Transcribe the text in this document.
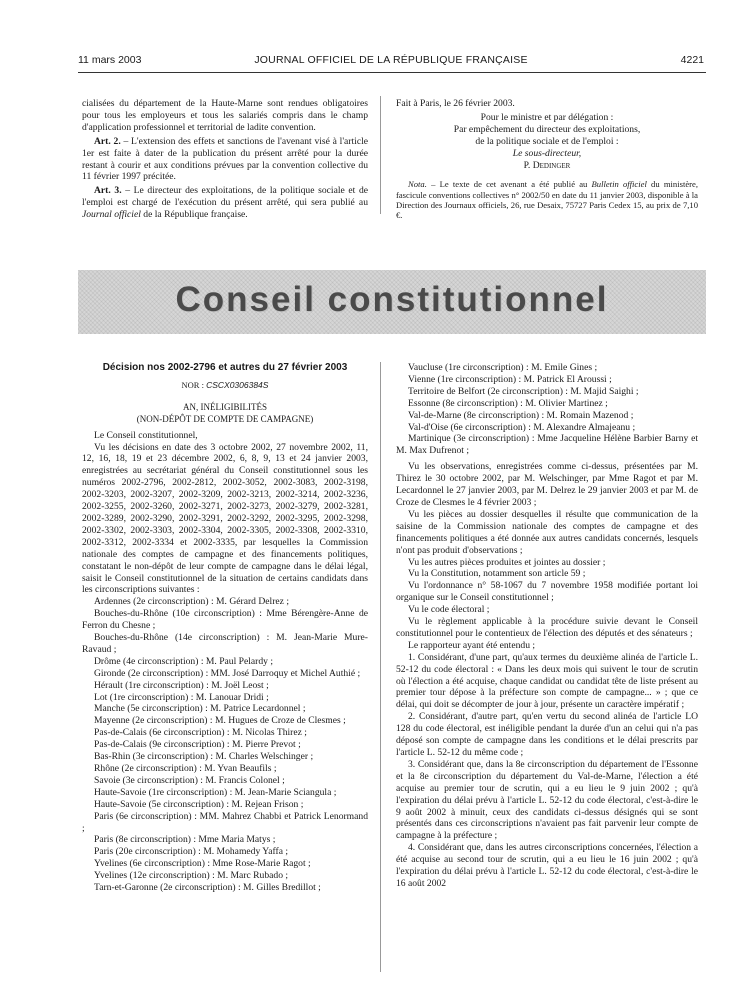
11 mars 2003	JOURNAL OFFICIEL DE LA RÉPUBLIQUE FRANÇAISE	4221

cialisées du département de la Haute-Marne sont rendues obligatoires pour tous les employeurs et tous les salariés compris dans le champ d'application professionnel et territorial de ladite convention.

Art. 2. – L'extension des effets et sanctions de l'avenant visé à l'article 1er est faite à dater de la publication du présent arrêté pour la durée restant à courir et aux conditions prévues par la convention collective du 11 février 1997 précitée.

Art. 3. – Le directeur des exploitations, de la politique sociale et de l'emploi est chargé de l'exécution du présent arrêté, qui sera publié au Journal officiel de la République française.

Fait à Paris, le 26 février 2003.

Pour le ministre et par délégation :

Par empêchement du directeur des exploitations,

de la politique sociale et de l'emploi :

Le sous-directeur,

P. Dedinger

Nota. – Le texte de cet avenant a été publié au Bulletin officiel du ministère, fascicule conventions collectives n° 2002/50 en date du 11 janvier 2003, disponible à la Direction des Journaux officiels, 26, rue Desaix, 75727 Paris Cedex 15, au prix de 7,10 €.

Conseil constitutionnel

Décision nos 2002-2796 et autres du 27 février 2003

NOR : CSCX0306384S

AN, INÉLIGIBILITÉS

(NON-DÉPÔT DE COMPTE DE CAMPAGNE)

Le Conseil constitutionnel,

Vu les décisions en date des 3 octobre 2002, 27 novembre 2002, 11, 12, 16, 18, 19 et 23 décembre 2002, 6, 8, 9, 13 et 24 janvier 2003, enregistrées au secrétariat général du Conseil constitutionnel sous les numéros 2002-2796, 2002-2812, 2002-3052, 2002-3083, 2002-3198, 2002-3203, 2002-3207, 2002-3209, 2002-3213, 2002-3214, 2002-3236, 2002-3255, 2002-3260, 2002-3271, 2002-3273, 2002-3279, 2002-3281, 2002-3289, 2002-3290, 2002-3291, 2002-3292, 2002-3295, 2002-3298, 2002-3302, 2002-3303, 2002-3304, 2002-3305, 2002-3308, 2002-3310, 2002-3312, 2002-3334 et 2002-3335, par lesquelles la Commission nationale des comptes de campagne et des financements politiques, constatant le non-dépôt de leur compte de campagne dans le délai légal, saisit le Conseil constitutionnel de la situation de certains candidats dans les circonscriptions suivantes :

Ardennes (2e circonscription) : M. Gérard Delrez ;

Bouches-du-Rhône (10e circonscription) : Mme Bérengère-Anne de Ferron du Chesne ;

Bouches-du-Rhône (14e circonscription) : M. Jean-Marie Mure-Ravaud ;

Drôme (4e circonscription) : M. Paul Pelardy ;

Gironde (2e circonscription) : MM. José Darroquy et Michel Authié ;

Hérault (1re circonscription) : M. Joël Leost ;

Lot (1re circonscription) : M. Lanouar Dridi ;

Manche (5e circonscription) : M. Patrice Lecardonnel ;

Mayenne (2e circonscription) : M. Hugues de Croze de Clesmes ;

Pas-de-Calais (6e circonscription) : M. Nicolas Thirez ;

Pas-de-Calais (9e circonscription) : M. Pierre Prevot ;

Bas-Rhin (3e circonscription) : M. Charles Welschinger ;

Rhône (2e circonscription) : M. Yvan Beaufils ;

Savoie (3e circonscription) : M. Francis Colonel ;

Haute-Savoie (1re circonscription) : M. Jean-Marie Sciangula ;

Haute-Savoie (5e circonscription) : M. Rejean Frison ;

Paris (6e circonscription) : MM. Mahrez Chabbi et Patrick Lenormand ;

Paris (8e circonscription) : Mme Maria Matys ;

Paris (20e circonscription) : M. Mohamedy Yaffa ;

Yvelines (6e circonscription) : Mme Rose-Marie Ragot ;

Yvelines (12e circonscription) : M. Marc Rubado ;

Tarn-et-Garonne (2e circonscription) : M. Gilles Bredillot ;

Vaucluse (1re circonscription) : M. Emile Gines ;

Vienne (1re circonscription) : M. Patrick El Aroussi ;

Territoire de Belfort (2e circonscription) : M. Majid Saighi ;

Essonne (8e circonscription) : M. Olivier Martinez ;

Val-de-Marne (8e circonscription) : M. Romain Mazenod ;

Val-d'Oise (6e circonscription) : M. Alexandre Almajeanu ;

Martinique (3e circonscription) : Mme Jacqueline Hélène Barbier Barny et M. Max Dufrenot ;

Vu les observations, enregistrées comme ci-dessus, présentées par M. Thirez le 30 octobre 2002, par M. Welschinger, par Mme Ragot et par M. Lecardonnel le 27 janvier 2003, par M. Delrez le 29 janvier 2003 et par M. de Croze de Clesmes le 4 février 2003 ;

Vu les pièces au dossier desquelles il résulte que communication de la saisine de la Commission nationale des comptes de campagne et des financements politiques a été donnée aux autres candidats concernés, lesquels n'ont pas produit d'observations ;

Vu les autres pièces produites et jointes au dossier ;

Vu la Constitution, notamment son article 59 ;

Vu l'ordonnance n° 58-1067 du 7 novembre 1958 modifiée portant loi organique sur le Conseil constitutionnel ;

Vu le code électoral ;

Vu le règlement applicable à la procédure suivie devant le Conseil constitutionnel pour le contentieux de l'élection des députés et des sénateurs ;

Le rapporteur ayant été entendu ;

1. Considérant, d'une part, qu'aux termes du deuxième alinéa de l'article L. 52-12 du code électoral : « Dans les deux mois qui suivent le tour de scrutin où l'élection a été acquise, chaque candidat ou candidat tête de liste présent au premier tour dépose à la préfecture son compte de campagne... » ; que ce délai, qui doit se décompter de jour à jour, présente un caractère impératif ;

2. Considérant, d'autre part, qu'en vertu du second alinéa de l'article LO 128 du code électoral, est inéligible pendant la durée d'un an celui qui n'a pas déposé son compte de campagne dans les conditions et le délai prescrits par l'article L. 52-12 du même code ;

3. Considérant que, dans la 8e circonscription du département de l'Essonne et la 8e circonscription du département du Val-de-Marne, l'élection a été acquise au premier tour de scrutin, qui a eu lieu le 9 juin 2002 ; qu'à l'expiration du délai prévu à l'article L. 52-12 du code électoral, c'est-à-dire le 9 août 2002 à minuit, ceux des candidats ci-dessus désignés qui se sont présentés dans ces circonscriptions n'avaient pas fait parvenir leur compte de campagne à la préfecture ;

4. Considérant que, dans les autres circonscriptions concernées, l'élection a été acquise au second tour de scrutin, qui a eu lieu le 16 juin 2002 ; qu'à l'expiration du délai prévu à l'article L. 52-12 du code électoral, c'est-à-dire le 16 août 2002
